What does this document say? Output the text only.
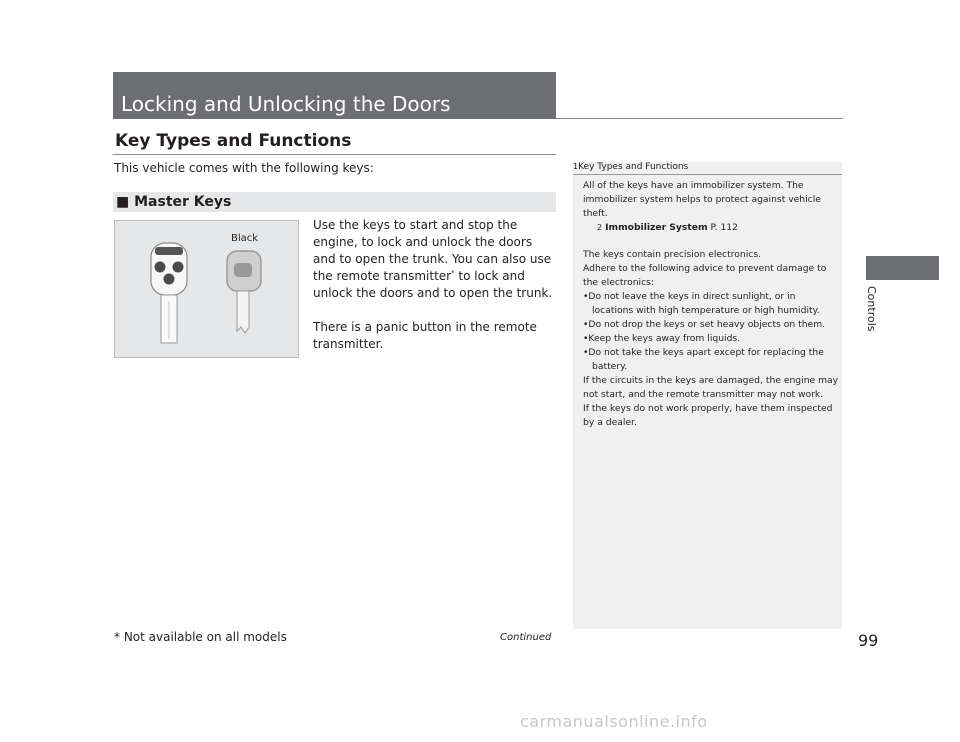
Locking and Unlocking the Doors
Controls
Key Types and Functions
This vehicle comes with the following keys:
■ Master Keys
Black

Use the keys to start and stop the engine, to lock and unlock the doors and to open the trunk. You can also use the remote transmitter* to lock and unlock the doors and to open the trunk.

There is a panic button in the remote transmitter.

1Key Types and Functions

All of the keys have an immobilizer system. The immobilizer system helps to protect against vehicle theft.

2 Immobilizer System P. 112

The keys contain precision electronics.

Adhere to the following advice to prevent damage to the electronics:

•Do not leave the keys in direct sunlight, or in locations with high temperature or high humidity.

•Do not drop the keys or set heavy objects on them.

•Keep the keys away from liquids.

•Do not take the keys apart except for replacing the battery.

If the circuits in the keys are damaged, the engine may not start, and the remote transmitter may not work.

If the keys do not work properly, have them inspected by a dealer.

* Not available on all models	Continued	99
carmanualsonline.info
